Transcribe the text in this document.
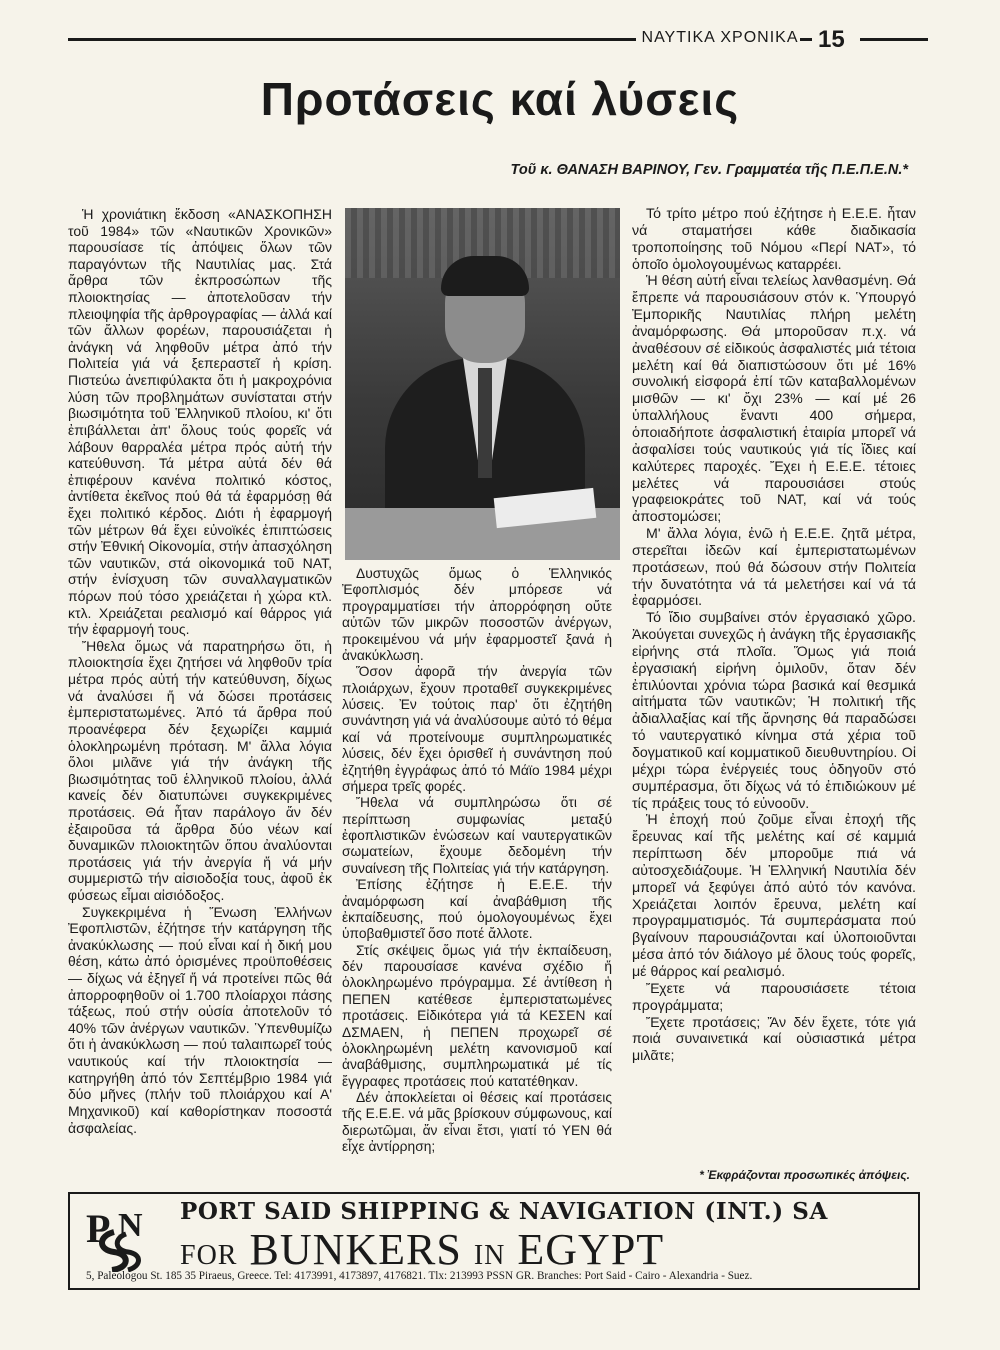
ΝΑΥΤΙΚΑ ΧΡΟΝΙΚΑ 15
Προτάσεις καί λύσεις
Τοῦ κ. ΘΑΝΑΣΗ ΒΑΡΙΝΟΥ, Γεν. Γραμματέα τῆς Π.Ε.Π.Ε.Ν.*

Ἡ χρονιάτικη ἔκδοση «ΑΝΑΣΚΟΠΗΣΗ τοῦ 1984» τῶν «Ναυτικῶν Χρονικῶν» παρουσίασε τίς ἀπόψεις ὅλων τῶν παραγόντων τῆς Ναυτιλίας μας. Στά ἄρθρα τῶν ἐκπροσώπων τῆς πλοιοκτησίας — ἀποτελοῦσαν τήν πλειοψηφία τῆς ἀρθρογραφίας — ἀλλά καί τῶν ἄλλων φορέων, παρουσιάζεται ἡ ἀνάγκη νά ληφθοῦν μέτρα ἀπό τήν Πολιτεία γιά νά ξεπεραστεῖ ἡ κρίση. Πιστεύω ἀνεπιφύλακτα ὅτι ἡ μακροχρόνια λύση τῶν προβλημάτων συνίσταται στήν βιωσιμότητα τοῦ Ἑλληνικοῦ πλοίου, κι' ὅτι ἐπιβάλλεται ἀπ' ὅλους τούς φορεῖς νά λάβουν θαρραλέα μέτρα πρός αὐτή τήν κατεύθυνση. Τά μέτρα αὐτά δέν θά ἐπιφέρουν κανένα πολιτικό κόστος, ἀντίθετα ἐκεῖνος πού θά τά ἐφαρμόσῃ θά ἔχει πολιτικό κέρδος. Διότι ἡ ἐφαρμογή τῶν μέτρων θά ἔχει εὐνοϊκές ἐπιπτώσεις στήν Ἐθνική Οἰκονομία, στήν ἀπασχόληση τῶν ναυτικῶν, στά οἰκονομικά τοῦ ΝΑΤ, στήν ἐνίσχυση τῶν συναλλαγματικῶν πόρων πού τόσο χρειάζεται ἡ χώρα κτλ. κτλ. Χρειάζεται ρεαλισμό καί θάρρος γιά τήν ἐφαρμογή τους.

Ἤθελα ὅμως νά παρατηρήσω ὅτι, ἡ πλοιοκτησία ἔχει ζητήσει νά ληφθοῦν τρία μέτρα πρός αὐτή τήν κατεύθυνση, δίχως νά ἀναλύσει ἤ νά δώσει προτάσεις ἐμπεριστατωμένες. Ἀπό τά ἄρθρα πού προανέφερα δέν ξεχωρίζει καμμιά ὁλοκληρωμένη πρόταση. Μ' ἄλλα λόγια ὅλοι μιλᾶνε γιά τήν ἀνάγκη τῆς βιωσιμότητας τοῦ ἑλληνικοῦ πλοίου, ἀλλά κανείς δέν διατυπώνει συγκεκριμένες προτάσεις. Θά ἦταν παράλογο ἄν δέν ἐξαιροῦσα τά ἄρθρα δύο νέων καί δυναμικῶν πλοιοκτητῶν ὅπου ἀναλύονται προτάσεις γιά τήν ἀνεργία ἤ νά μήν συμμεριστῶ τήν αἰσιοδοξία τους, ἀφοῦ ἐκ φύσεως εἶμαι αἰσιόδοξος.

Συγκεκριμένα ἡ Ἕνωση Ἑλλήνων Ἐφοπλιστῶν, ἐζήτησε τήν κατάργηση τῆς ἀνακύκλωσης — πού εἶναι καί ἡ δική μου θέση, κάτω ἀπό ὁρισμένες προϋποθέσεις — δίχως νά ἐξηγεῖ ἤ νά προτείνει πῶς θά ἀπορροφηθοῦν οἱ 1.700 πλοίαρχοι πάσης τάξεως, πού στήν οὐσία ἀποτελοῦν τό 40% τῶν ἀνέργων ναυτικῶν. Ὑπενθυμίζω ὅτι ἡ ἀνακύκλωση — πού ταλαιπωρεῖ τούς ναυτικούς καί τήν πλοιοκτησία — κατηργήθη ἀπό τόν Σεπτέμβριο 1984 γιά δύο μῆνες (πλήν τοῦ πλοιάρχου καί Α' Μηχανικοῦ) καί καθορίστηκαν ποσοστά ἀσφαλείας.

Δυστυχῶς ὅμως ὁ Ἑλληνικός Ἐφοπλισμός δέν μπόρεσε νά προγραμματίσει τήν ἀπορρόφηση οὔτε αὐτῶν τῶν μικρῶν ποσοστῶν ἀνέργων, προκειμένου νά μήν ἐφαρμοστεῖ ξανά ἡ ἀνακύκλωση.

Ὅσον ἀφορᾶ τήν ἀνεργία τῶν πλοιάρχων, ἔχουν προταθεῖ συγκεκριμένες λύσεις. Ἐν τούτοις παρ' ὅτι ἐζητήθη συνάντηση γιά νά ἀναλύσουμε αὐτό τό θέμα καί νά προτείνουμε συμπληρωματικές λύσεις, δέν ἔχει ὁρισθεῖ ἡ συνάντηση πού ἐζητήθη ἐγγράφως ἀπό τό Μάϊο 1984 μέχρι σήμερα τρεῖς φορές.

Ἤθελα νά συμπληρώσω ὅτι σέ περίπτωση συμφωνίας μεταξύ ἐφοπλιστικῶν ἑνώσεων καί ναυτεργατικῶν σωματείων, ἔχουμε δεδομένη τήν συναίνεση τῆς Πολιτείας γιά τήν κατάργηση.

Ἐπίσης ἐζήτησε ἡ Ε.Ε.Ε. τήν ἀναμόρφωση καί ἀναβάθμιση τῆς ἐκπαίδευσης, πού ὁμολογουμένως ἔχει ὑποβαθμιστεῖ ὅσο ποτέ ἄλλοτε.

Στίς σκέψεις ὅμως γιά τήν ἐκπαίδευση, δέν παρουσίασε κανένα σχέδιο ἤ ὁλοκληρωμένο πρόγραμμα. Σέ ἀντίθεση ἡ ΠΕΠΕΝ κατέθεσε ἐμπεριστατωμένες προτάσεις. Εἰδικότερα γιά τά ΚΕΣΕΝ καί ΔΣΜΑΕΝ, ἡ ΠΕΠΕΝ προχωρεῖ σέ ὁλοκληρωμένη μελέτη κανονισμοῦ καί ἀναβάθμισης, συμπληρωματικά μέ τίς ἔγγραφες προτάσεις πού κατατέθηκαν.

Δέν ἀποκλείεται οἱ θέσεις καί προτάσεις τῆς Ε.Ε.Ε. νά μᾶς βρίσκουν σύμφωνους, καί διερωτῶμαι, ἄν εἶναι ἔτσι, γιατί τό ΥΕΝ θά εἶχε ἀντίρρηση;

Τό τρίτο μέτρο πού ἐζήτησε ἡ Ε.Ε.Ε. ἦταν νά σταματήσει κάθε διαδικασία τροποποίησης τοῦ Νόμου «Περί ΝΑΤ», τό ὁποῖο ὁμολογουμένως καταρρέει.

Ἡ θέση αὐτή εἶναι τελείως λανθασμένη. Θά ἔπρεπε νά παρουσιάσουν στόν κ. Ὑπουργό Ἐμπορικῆς Ναυτιλίας πλήρη μελέτη ἀναμόρφωσης. Θά μποροῦσαν π.χ. νά ἀναθέσουν σέ εἰδικούς ἀσφαλιστές μιά τέτοια μελέτη καί θά διαπιστώσουν ὅτι μέ 16% συνολική εἰσφορά ἐπί τῶν καταβαλλομένων μισθῶν — κι' ὄχι 23% — καί μέ 26 ὑπαλλήλους ἔναντι 400 σήμερα, ὁποιαδήποτε ἀσφαλιστική ἑταιρία μπορεῖ νά ἀσφαλίσει τούς ναυτικούς γιά τίς ἴδιες καί καλύτερες παροχές. Ἔχει ἡ Ε.Ε.Ε. τέτοιες μελέτες νά παρουσιάσει στούς γραφειοκράτες τοῦ ΝΑΤ, καί νά τούς ἀποστομώσει;

Μ' ἄλλα λόγια, ἐνῶ ἡ Ε.Ε.Ε. ζητᾶ μέτρα, στερεῖται ἰδεῶν καί ἐμπεριστατωμένων προτάσεων, πού θά δώσουν στήν Πολιτεία τήν δυνατότητα νά τά μελετήσει καί νά τά ἐφαρμόσει.

Τό ἴδιο συμβαίνει στόν ἐργασιακό χῶρο. Ἀκούγεται συνεχῶς ἡ ἀνάγκη τῆς ἐργασιακῆς εἰρήνης στά πλοῖα. Ὅμως γιά ποιά ἐργασιακή εἰρήνη ὁμιλοῦν, ὅταν δέν ἐπιλύονται χρόνια τώρα βασικά καί θεσμικά αἰτήματα τῶν ναυτικῶν; Ἡ πολιτική τῆς ἀδιαλλαξίας καί τῆς ἄρνησης θά παραδώσει τό ναυτεργατικό κίνημα στά χέρια τοῦ δογματικοῦ καί κομματικοῦ διευθυντηρίου. Οἱ μέχρι τώρα ἐνέργειές τους ὁδηγοῦν στό συμπέρασμα, ὅτι δίχως νά τό ἐπιδιώκουν μέ τίς πράξεις τους τό εὐνοοῦν.

Ἡ ἐποχή πού ζοῦμε εἶναι ἐποχή τῆς ἔρευνας καί τῆς μελέτης καί σέ καμμιά περίπτωση δέν μποροῦμε πιά νά αὐτοσχεδιάζουμε. Ἡ Ἑλληνική Ναυτιλία δέν μπορεῖ νά ξεφύγει ἀπό αὐτό τόν κανόνα. Χρειάζεται λοιπόν ἔρευνα, μελέτη καί προγραμματισμός. Τά συμπεράσματα πού βγαίνουν παρουσιάζονται καί ὑλοποιοῦνται μέσα ἀπό τόν διάλογο μέ ὅλους τούς φορεῖς, μέ θάρρος καί ρεαλισμό.

Ἔχετε νά παρουσιάσετε τέτοια προγράμματα;

Ἔχετε προτάσεις; Ἄν δέν ἔχετε, τότε γιά ποιά συναινετικά καί οὐσιαστικά μέτρα μιλᾶτε;

* Ἐκφράζονται προσωπικές ἀπόψεις.
P N PORT SAID SHIPPING & NAVIGATION (INT.) SA
FOR BUNKERS IN EGYPT
5, Paleologou St. 185 35 Piraeus, Greece. Tel: 4173991, 4173897, 4176821. Tlx: 213993 PSSN GR. Branches: Port Said - Cairo - Alexandria - Suez.
